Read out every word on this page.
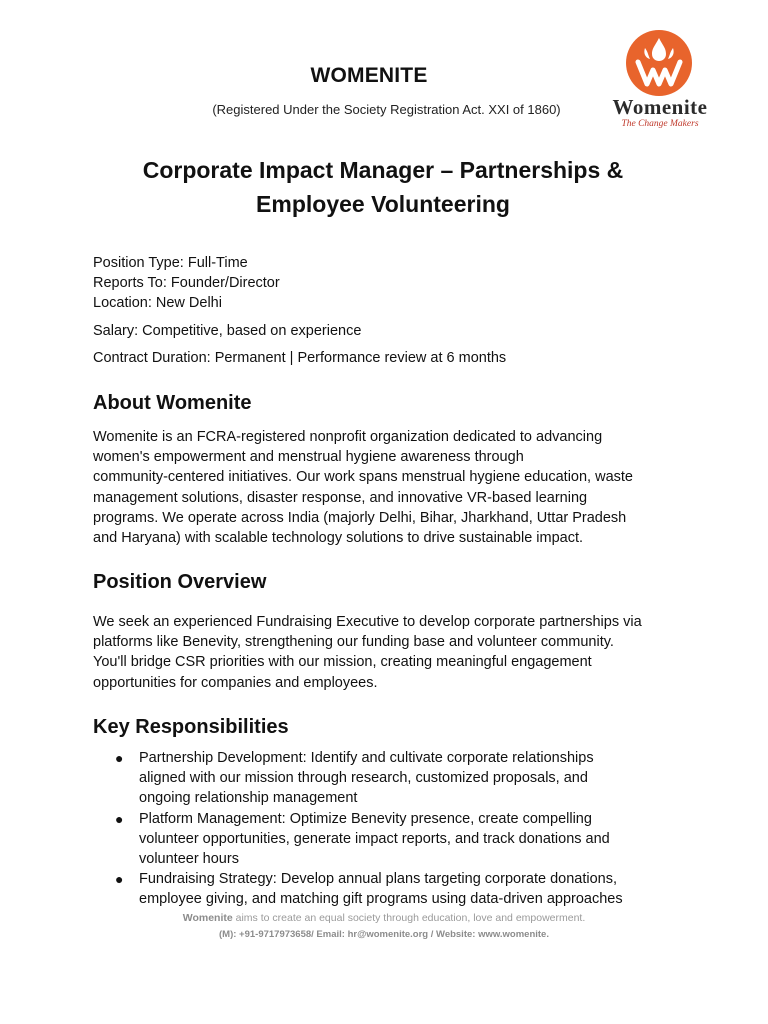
WOMENITE
(Registered Under the Society Registration Act. XXI of 1860)	Womenite
The Change Makers
Corporate Impact Manager – Partnerships &
Employee Volunteering
Position Type: Full-Time
Reports To: Founder/Director
Location: New Delhi
Salary: Competitive, based on experience
Contract Duration: Permanent | Performance review at 6 months
About Womenite
Womenite is an FCRA-registered nonprofit organization dedicated to advancing
women's empowerment and menstrual hygiene awareness through
community-centered initiatives. Our work spans menstrual hygiene education, waste
management solutions, disaster response, and innovative VR-based learning
programs. We operate across India (majorly Delhi, Bihar, Jharkhand, Uttar Pradesh
and Haryana) with scalable technology solutions to drive sustainable impact.
Position Overview
We seek an experienced Fundraising Executive to develop corporate partnerships via
platforms like Benevity, strengthening our funding base and volunteer community.
You'll bridge CSR priorities with our mission, creating meaningful engagement
opportunities for companies and employees.
Key Responsibilities
● Partnership Development: Identify and cultivate corporate relationships
aligned with our mission through research, customized proposals, and
ongoing relationship management
● Platform Management: Optimize Benevity presence, create compelling
volunteer opportunities, generate impact reports, and track donations and
volunteer hours
● Fundraising Strategy: Develop annual plans targeting corporate donations,
employee giving, and matching gift programs using data-driven approaches
Womenite aims to create an equal society through education, love and empowerment.
(M): +91-9717973658/ Email: hr@womenite.org / Website: www.womenite.
